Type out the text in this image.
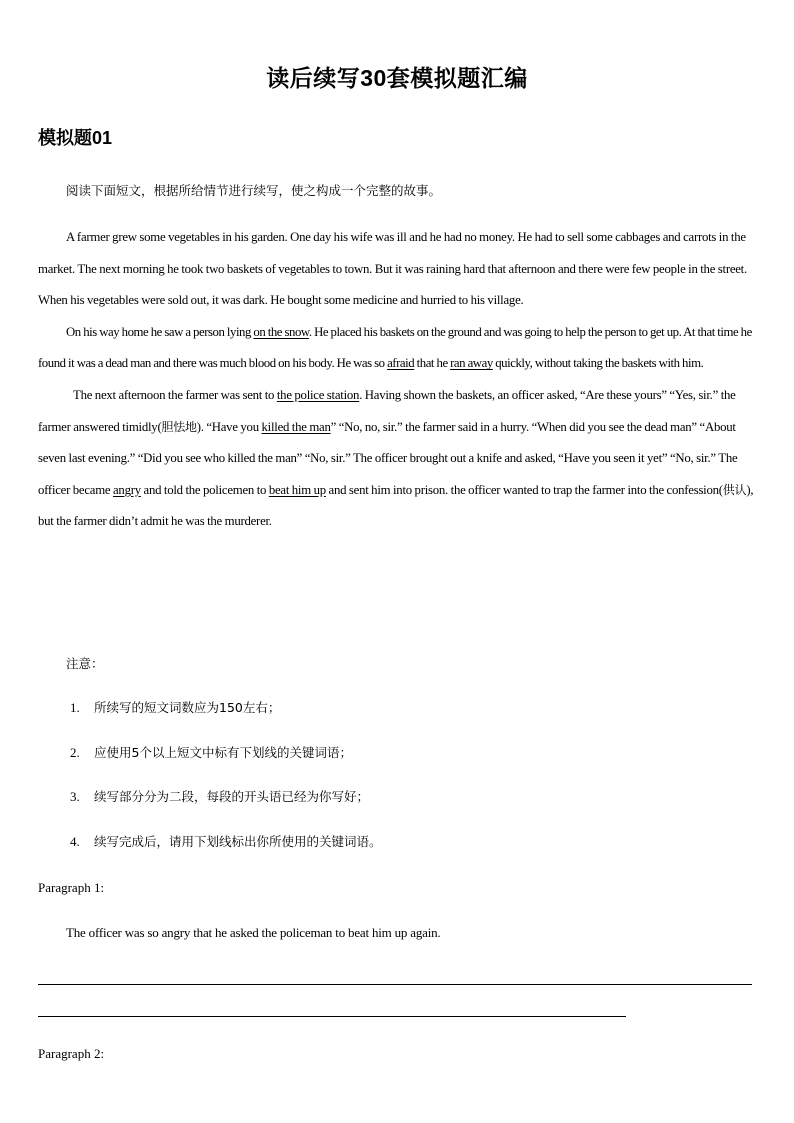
读后续写30套模拟题汇编
模拟题01
阅读下面短文，根据所给情节进行续写，使之构成一个完整的故事。

A farmer grew some vegetables in his garden. One day his wife was ill and he had no money. He had to sell some cabbages and carrots in the market. The next morning he took two baskets of vegetables to town. But it was raining hard that afternoon and there were few people in the street. When his vegetables were sold out, it was dark. He bought some medicine and hurried to his village.

On his way home he saw a person lying on the snow. He placed his baskets on the ground and was going to help the person to get up. At that time he found it was a dead man and there was much blood on his body. He was so afraid that he ran away quickly, without taking the baskets with him.

The next afternoon the farmer was sent to the police station. Having shown the baskets, an officer asked, “Are these yours” “Yes, sir.” the farmer answered timidly(胆怯地). “Have you killed the man” “No, no, sir.” the farmer said in a hurry. “When did you see the dead man” “About seven last evening.” “Did you see who killed the man” “No, sir.” The officer brought out a knife and asked, “Have you seen it yet” “No, sir.” The officer became angry and told the policemen to beat him up and sent him into prison. the officer wanted to trap the farmer into the confession(供认), but the farmer didn’t admit he was the murderer.

注意：
1.	所续写的短文词数应为150左右；
2.	应使用5个以上短文中标有下划线的关键词语；
3.	续写部分分为二段，每段的开头语已经为你写好；
4.	续写完成后，请用下划线标出你所使用的关键词语。
Paragraph 1:
The officer was so angry that he asked the policeman to beat him up again.
Paragraph 2:
